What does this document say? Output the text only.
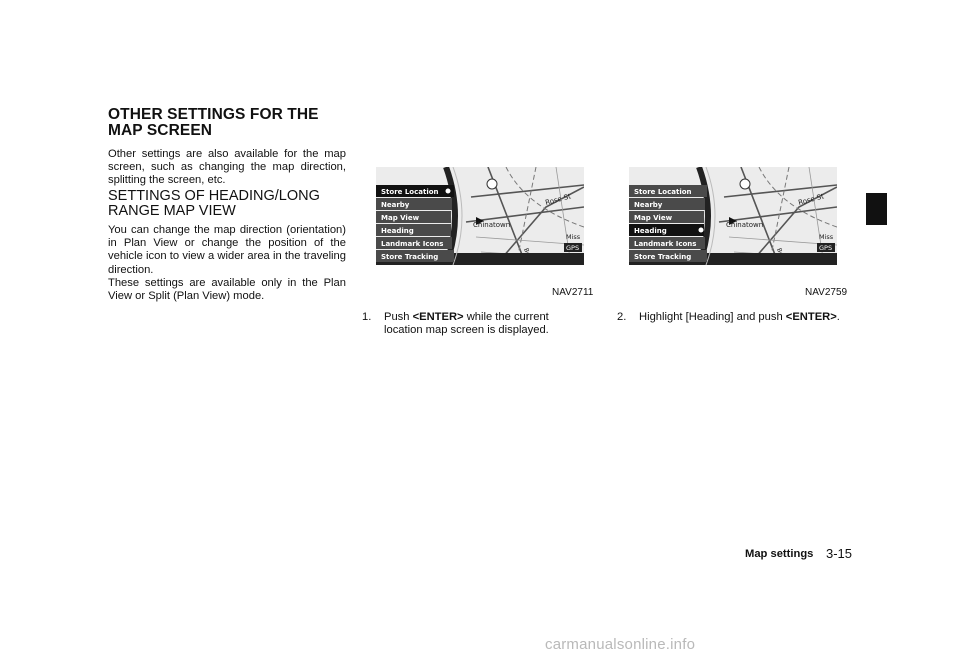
OTHER SETTINGS FOR THE MAP SCREEN
Other settings are also available for the map screen, such as changing the map direction, splitting the screen, etc.
SETTINGS OF HEADING/LONG RANGE MAP VIEW

You can change the map direction (orientation) in Plan View or change the position of the vehicle icon to view a wider area in the traveling direction.

These settings are available only in the Plan View or Split (Plan View) mode.

Chinatown
Rose St
GPS
Miss
Store Location
Nearby
Map View
Heading
Landmark Icons
Store Tracking
NAV2711
Chinatown
Rose St
GPS
Miss
Store Location
Nearby
Map View
Heading
Landmark Icons
Store Tracking
NAV2759
1. Push <ENTER> while the current location map screen is displayed.
2. Highlight [Heading] and push <ENTER>.
Map settings 3-15
carmanualsonline.info
